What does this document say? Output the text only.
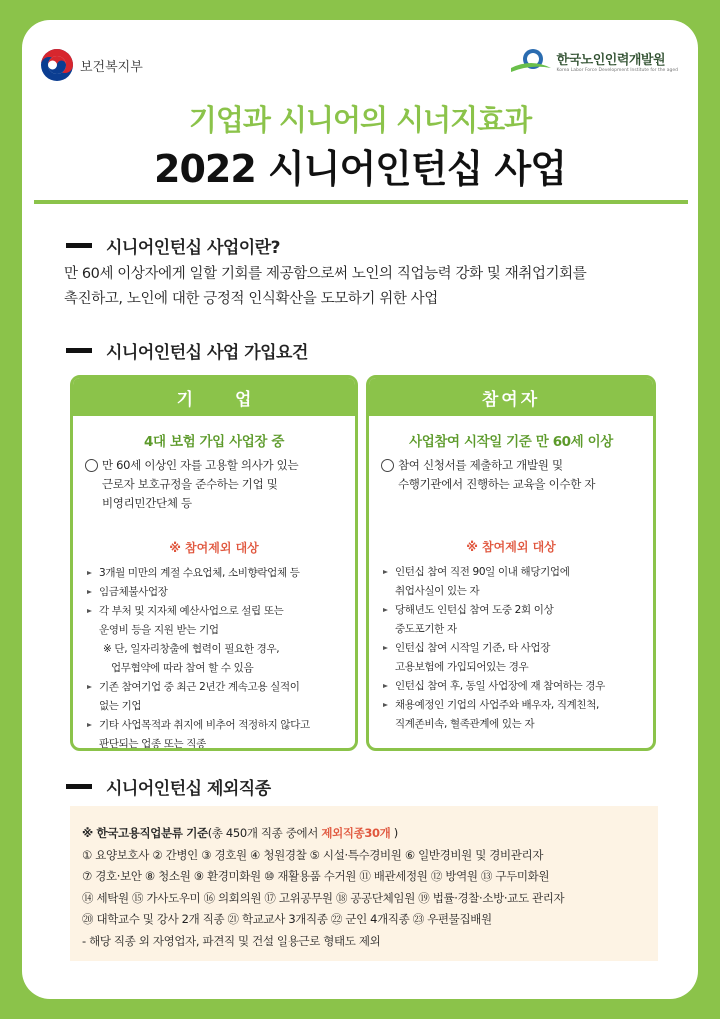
보건복지부	한국노인인력개발원
Korea Labor Force Development Institute for the aged
기업과 시니어의 시너지효과
2022 시니어인턴십 사업
시니어인턴십 사업이란?
만 60세 이상자에게 일할 기회를 제공함으로써 노인의 직업능력 강화 및 재취업기회를
촉진하고, 노인에 대한 긍정적 인식확산을 도모하기 위한 사업
시니어인턴십 사업 가입요건
기 업
4대 보험 가입 사업장 중
만 60세 이상인 자를 고용할 의사가 있는
근로자 보호규정을 준수하는 기업 및
비영리민간단체 등
※ 참여제외 대상
3개월 미만의 계절 수요업체, 소비향락업체 등
임금체불사업장
각 부처 및 지자체 예산사업으로 설립 또는
운영비 등을 지원 받는 기업
※ 단, 일자리창출에 협력이 필요한 경우,
업무협약에 따라 참여 할 수 있음
기존 참여기업 중 최근 2년간 계속고용 실적이
없는 기업
기타 사업목적과 취지에 비추어 적정하지 않다고
판단되는 업종 또는 직종
참여자
사업참여 시작일 기준 만 60세 이상
참여 신청서를 제출하고 개발원 및
수행기관에서 진행하는 교육을 이수한 자
※ 참여제외 대상
인턴십 참여 직전 90일 이내 해당기업에
취업사실이 있는 자
당해년도 인턴십 참여 도중 2회 이상
중도포기한 자
인턴십 참여 시작일 기준, 타 사업장
고용보험에 가입되어있는 경우
인턴십 참여 후, 동일 사업장에 재 참여하는 경우
채용예정인 기업의 사업주와 배우자, 직계친척,
직계존비속, 혈족관계에 있는 자
시니어인턴십 제외직종
※ 한국고용직업분류 기준(총 450개 직종 중에서 제외직종30개 )
① 요양보호사 ② 간병인 ③ 경호원 ④ 청원경찰 ⑤ 시설·특수경비원 ⑥ 일반경비원 및 경비관리자
⑦ 경호·보안 ⑧ 청소원 ⑨ 환경미화원 ⑩ 재활용품 수거원 ⑪ 배관세정원 ⑫ 방역원 ⑬ 구두미화원
⑭ 세탁원 ⑮ 가사도우미 ⑯ 의회의원 ⑰ 고위공무원 ⑱ 공공단체임원 ⑲ 법률·경찰·소방·교도 관리자
⑳ 대학교수 및 강사 2개 직종 ㉑ 학교교사 3개직종 ㉒ 군인 4개직종 ㉓ 우편물집배원
- 해당 직종 외 자영업자, 파견직 및 건설 일용근로 형태도 제외
